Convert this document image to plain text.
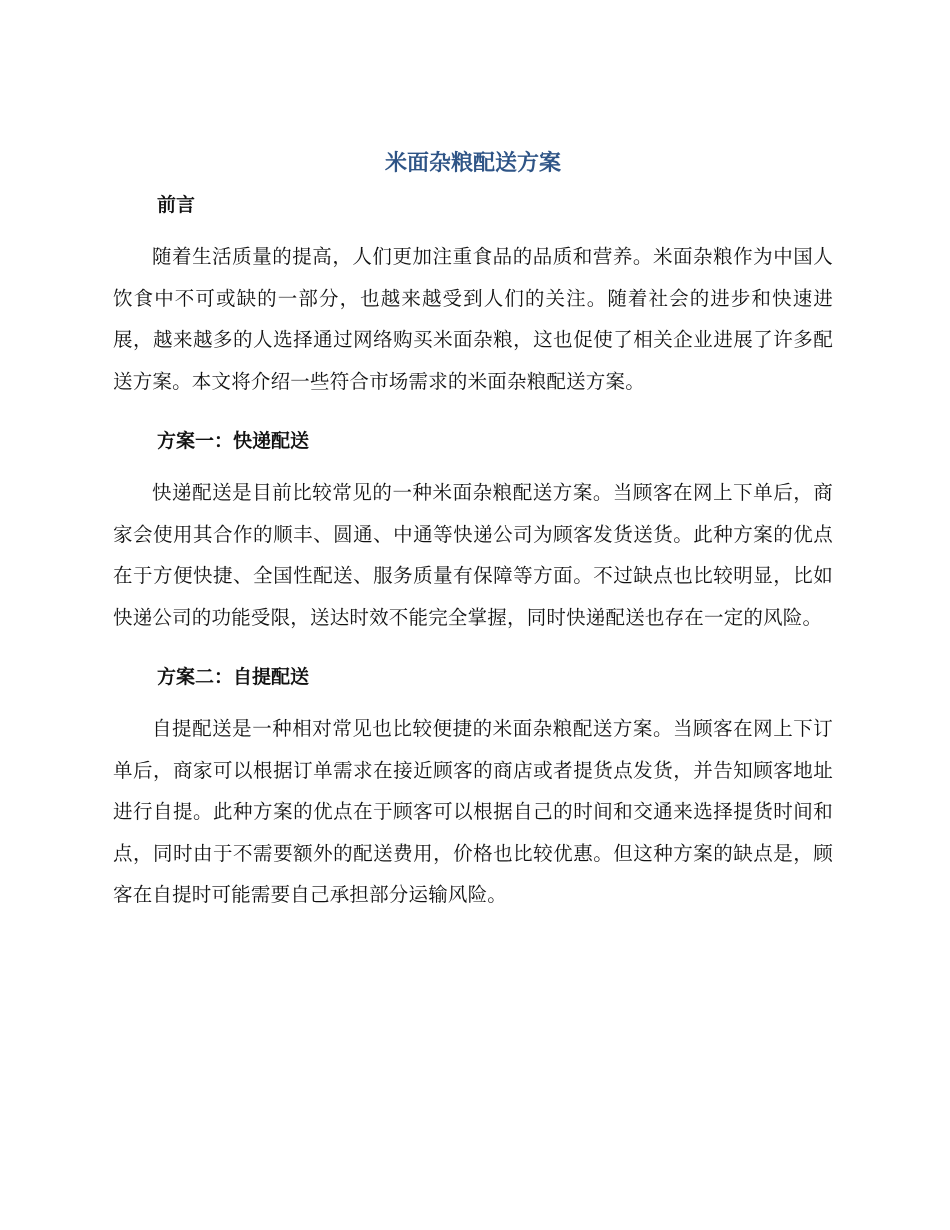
米面杂粮配送方案
前言

随着生活质量的提高，人们更加注重食品的品质和营养。米面杂粮作为中国人饮食中不可或缺的一部分，也越来越受到人们的关注。随着社会的进步和快速进展，越来越多的人选择通过网络购买米面杂粮，这也促使了相关企业进展了许多配送方案。本文将介绍一些符合市场需求的米面杂粮配送方案。

方案一：快递配送

快递配送是目前比较常见的一种米面杂粮配送方案。当顾客在网上下单后，商家会使用其合作的顺丰、圆通、中通等快递公司为顾客发货送货。此种方案的优点在于方便快捷、全国性配送、服务质量有保障等方面。不过缺点也比较明显，比如快递公司的功能受限，送达时效不能完全掌握，同时快递配送也存在一定的风险。

方案二：自提配送

自提配送是一种相对常见也比较便捷的米面杂粮配送方案。当顾客在网上下订单后，商家可以根据订单需求在接近顾客的商店或者提货点发货，并告知顾客地址进行自提。此种方案的优点在于顾客可以根据自己的时间和交通来选择提货时间和点，同时由于不需要额外的配送费用，价格也比较优惠。但这种方案的缺点是，顾客在自提时可能需要自己承担部分运输风险。
